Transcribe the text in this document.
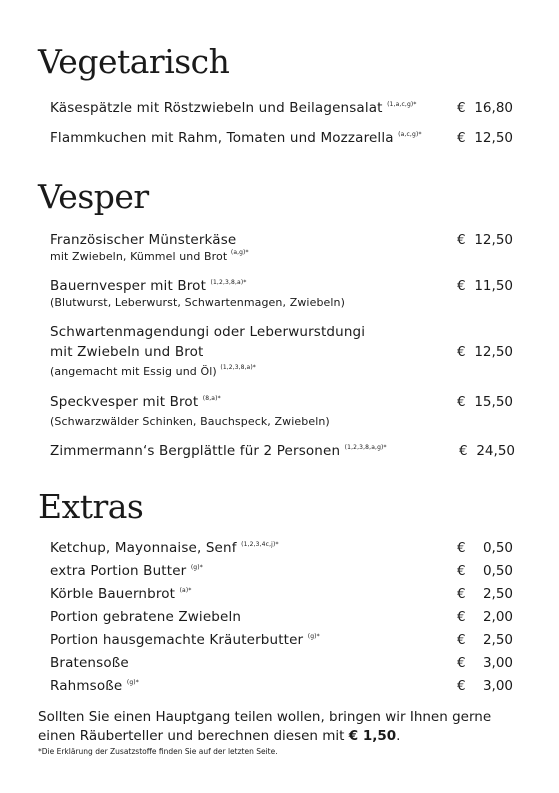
Vegetarisch
Käsespätzle mit Röstzwiebeln und Beilagensalat $^{(1,a,c,g)*}$	€ 16,80
Flammkuchen mit Rahm, Tomaten und Mozzarella $^{(a,c,g)*}$	€ 12,50
Vesper
Französischer Münsterkäse
mit Zwiebeln, Kümmel und Brot $^{(a,g)*}$
€ 12,50
Bauernvesper mit Brot $^{(1,2,3,8,a)*}$
(Blutwurst, Leberwurst, Schwartenmagen, Zwiebeln)
€ 11,50
Schwartenmagendungi oder Leberwurstdungi
mit Zwiebeln und Brot
(angemacht mit Essig und Öl) $^{(1,2,3,8,a)*}$
€ 12,50
Speckvesper mit Brot $^{(8,a)*}$
(Schwarzwälder Schinken, Bauchspeck, Zwiebeln)
€ 15,50
Zimmermann‘s Bergplättle für 2 Personen $^{(1,2,3,8,a,g)*}$	€ 24,50
Extras
Ketchup, Mayonnaise, Senf $^{(1,2,3,4c,j)*}$	€ 0,50
extra Portion Butter $^{(g)*}$	€ 0,50
Körble Bauernbrot $^{(a)*}$	€ 2,50
Portion gebratene Zwiebeln	€ 2,00
Portion hausgemachte Kräuterbutter $^{(g)*}$	€ 2,50
Bratensoße	€ 3,00
Rahmsoße $^{(g)*}$	€ 3,00
Sollten Sie einen Hauptgang teilen wollen, bringen wir Ihnen gerne
einen Räuberteller und berechnen diesen mit € 1,50.
*Die Erklärung der Zusatzstoffe finden Sie auf der letzten Seite.
